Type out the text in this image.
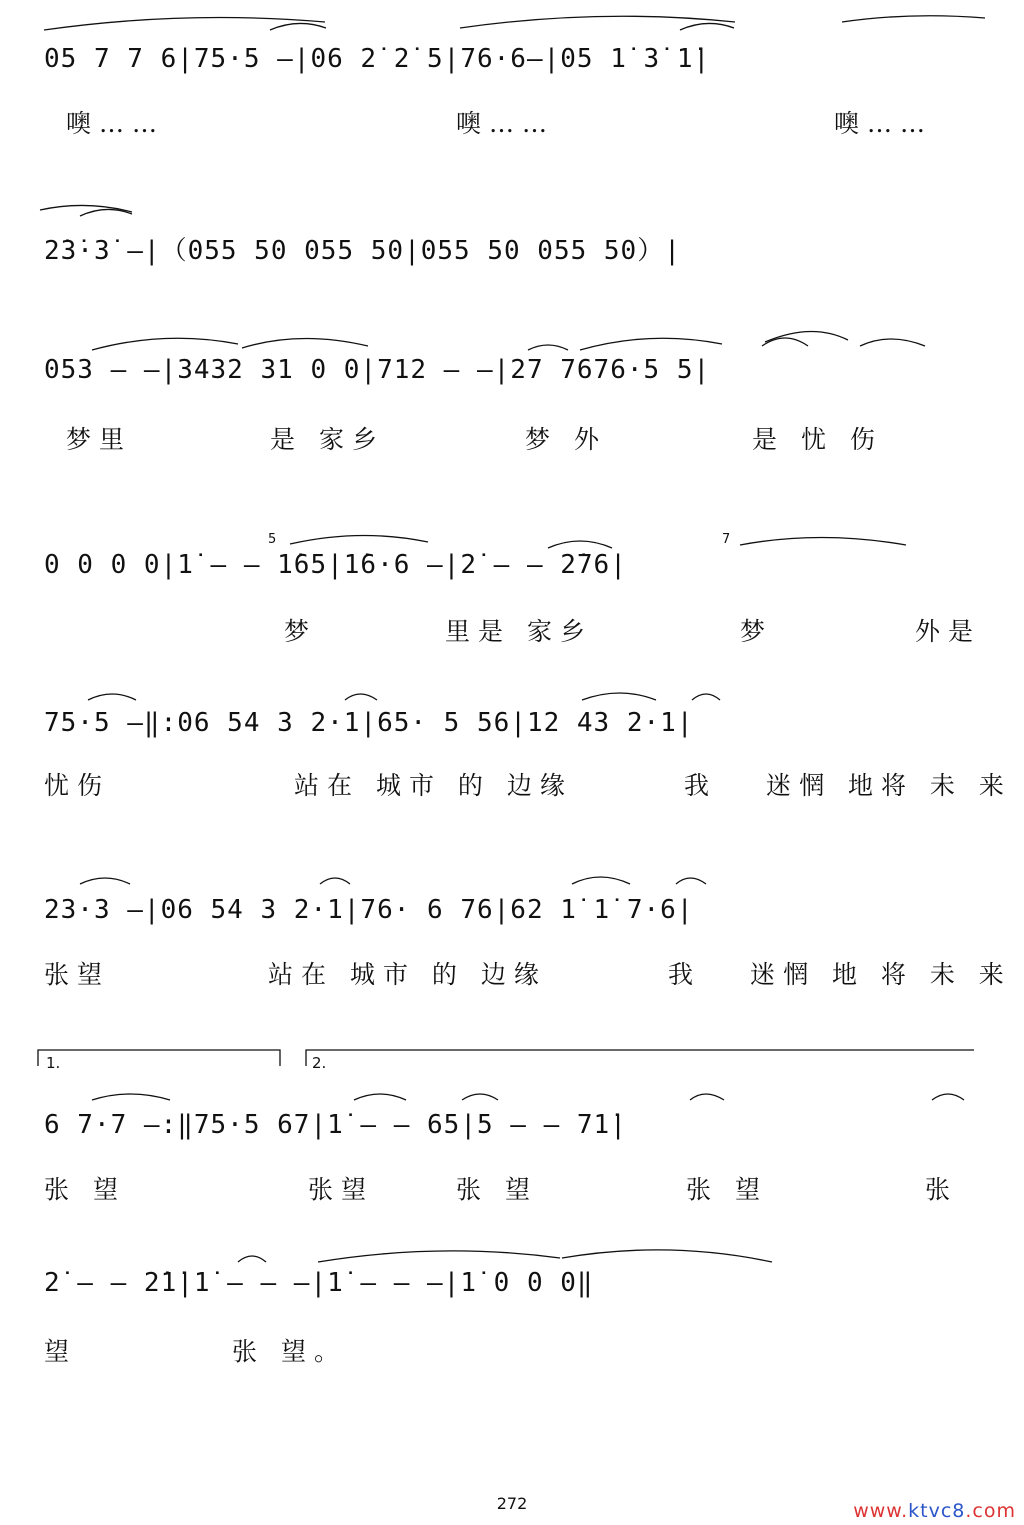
05 7 7 6|75·5 –|06 2̇ 2̇ 5|76·6–|05 1̇ 3̇ 1̇|

噢……

	噢……

	噢……

2̇3̇·3̇ –|（055 50 055 50|055 50 055 50）|

053 – –|3432 31 0 0|712 – –|27 7676·5 5|

梦里

	是 家乡

	梦 外

	是 忧 伤

0 0 0 0|1̇ – – 1̇65|1̇6·6 –|2̇ – – 2̇76|

梦

	里是 家乡

	梦

	外是

75·5 –‖:06 54 3 2·1|65· 5 56|12 43 2·1|

忧伤

	站在 城市 的 边缘

	我

迷惘 地将 未 来

23·3 –|06 54 3 2·1|76· 6 76|62 1̇ 1̇ 7·6|

张望

	站在 城市 的 边缘

	我

迷惘 地 将 未 来

1.	2.

6 7·7 –:‖75·5 67|1̇ – – 65|5 – – 71̇|

张 望

	张望

	张 望

	张 望

	张

2̇ – – 2̇1̇|1̇ – – –|1̇ – – –|1̇ 0 0 0‖

望

	张 望。

5	7
272	www.ktvc8.com
